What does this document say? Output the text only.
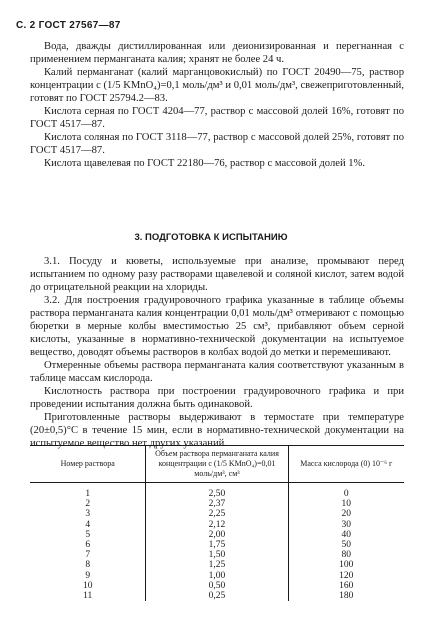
С. 2 ГОСТ 27567—87

Вода, дважды дистиллированная или деионизированная и перегнанная с применением перманганата калия; хранят не более 24 ч.

Калий перманганат (калий марганцовокислый) по ГОСТ 20490—75, раствор концентрации c (1/5 KMnO₄)=0,1 моль/дм³ и 0,01 моль/дм³, свежеприготовленный, готовят по ГОСТ 25794.2—83.

Кислота серная по ГОСТ 4204—77, раствор с массовой долей 16%, готовят по ГОСТ 4517—87.

Кислота соляная по ГОСТ 3118—77, раствор с массовой долей 25%, готовят по ГОСТ 4517—87.

Кислота щавелевая по ГОСТ 22180—76, раствор с массовой долей 1%.

3. ПОДГОТОВКА К ИСПЫТАНИЮ

3.1. Посуду и кюветы, используемые при анализе, промывают перед испытанием по одному разу растворами щавелевой и соляной кислот, затем водой до отрицательной реакции на хлориды.

3.2. Для построения градуировочного графика указанные в таблице объемы раствора перманганата калия концентрации 0,01 моль/дм³ отмеривают с помощью бюретки в мерные колбы вместимостью 25 см³, прибавляют объем серной кислоты, указанные в нормативно-технической документации на испытуемое вещество, доводят объемы растворов в колбах водой до метки и перемешивают.

Отмеренные объемы раствора перманганата калия соответствуют указанным в таблице массам кислорода.

Кислотность раствора при построении градуировочного графика и при проведении испытания должна быть одинаковой.

Приготовленные растворы выдерживают в термостате при температуре (20±0,5)°C в течение 15 мин, если в нормативно-технической документации на испытуемое вещество нет других указаний.

Номер раствора	Объем раствора перманганата калия концентрации c (1/5 KMnO₄)=0,01 моль/дм³, см³	Масса кислорода (0) 10⁻⁶ г
1	2,50	0
2	2,37	10
3	2,25	20
4	2,12	30
5	2,00	40
6	1,75	50
7	1,50	80
8	1,25	100
9	1,00	120
10	0,50	160
11	0,25	180
